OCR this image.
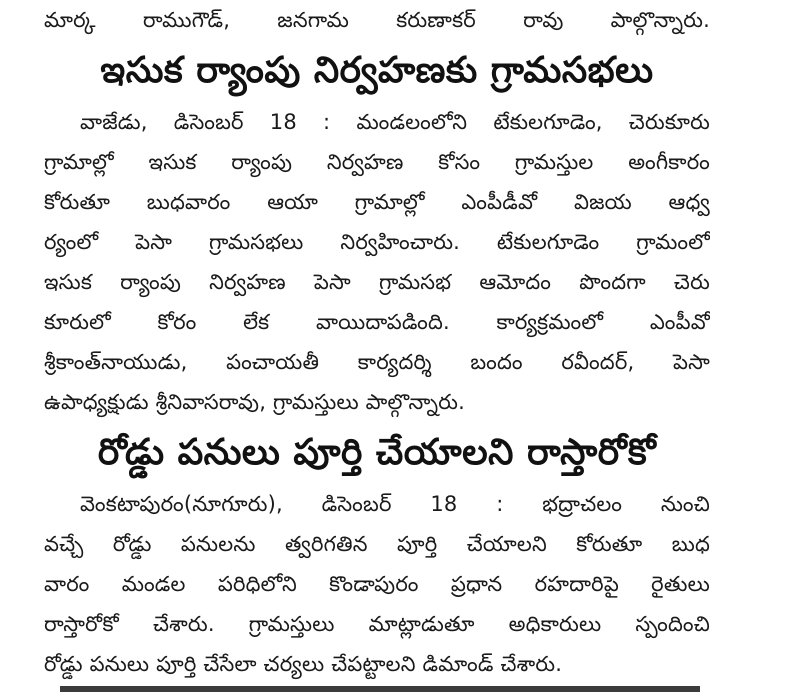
మార్క రాముగౌడ్, జనగామ కరుణాకర్ రావు పాల్గొన్నారు.
ఇసుక ర్యాంపు నిర్వహణకు గ్రామసభలు
వాజేడు, డిసెంబర్ 18 : మండలంలోని టేకులగూడెం, చెరుకూరు
గ్రామాల్లో ఇసుక ర్యాంపు నిర్వహణ కోసం గ్రామస్తుల అంగీకారం
కోరుతూ బుధవారం ఆయా గ్రామాల్లో ఎంపీడీవో విజయ ఆధ్వ
ర్యంలో పెసా గ్రామసభలు నిర్వహించారు. టేకులగూడెం గ్రామంలో
ఇసుక ర్యాంపు నిర్వహణ పెసా గ్రామసభ ఆమోదం పొందగా చెరు
కూరులో కోరం లేక వాయిదాపడింది. కార్యక్రమంలో ఎంపీవో
శ్రీకాంత్‌నాయుడు, పంచాయతీ కార్యదర్శి బందం రవీందర్, పెసా
ఉపాధ్యక్షుడు శ్రీనివాసరావు, గ్రామస్తులు పాల్గొన్నారు.
రోడ్డు పనులు పూర్తి చేయాలని రాస్తారోకో
వెంకటాపురం(నూగూరు), డిసెంబర్ 18 : భద్రాచలం నుంచి
వచ్చే రోడ్డు పనులను త్వరిగతిన పూర్తి చేయాలని కోరుతూ బుధ
వారం మండల పరిధిలోని కొండాపురం ప్రధాన రహదారిపై రైతులు
రాస్తారోకో చేశారు. గ్రామస్తులు మాట్లాడుతూ అధికారులు స్పందించి
రోడ్డు పనులు పూర్తి చేసేలా చర్యలు చేపట్టాలని డిమాండ్ చేశారు.
